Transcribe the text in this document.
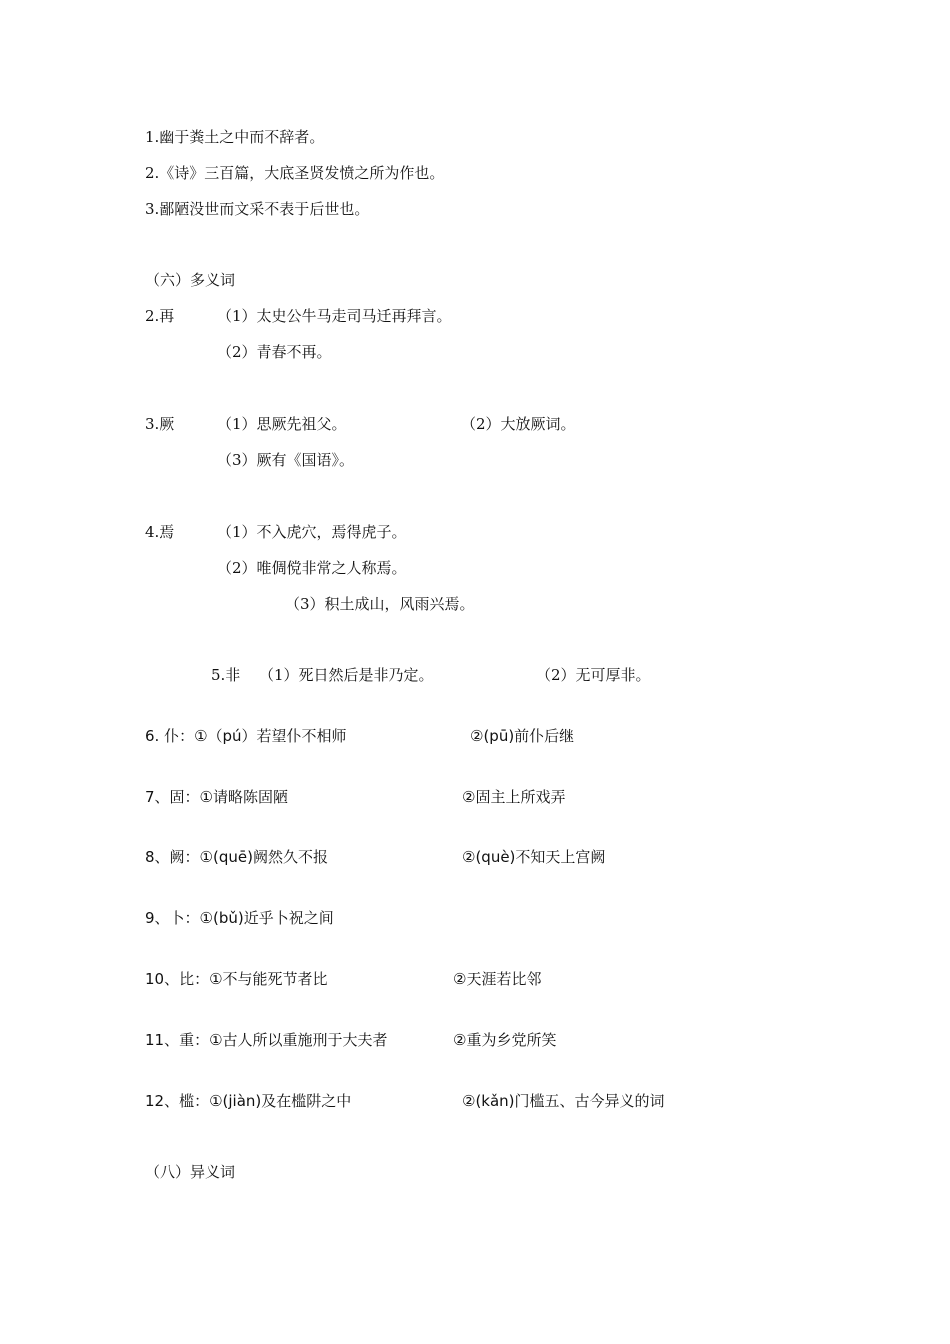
1.幽于粪土之中而不辞者。
2.《诗》三百篇，大底圣贤发愤之所为作也。
3.鄙陋没世而文采不表于后世也。
（六）多义词
2.再	（1）太史公牛马走司马迁再拜言。
（2）青春不再。
3.厥	（1）思厥先祖父。	（2）大放厥词。
（3）厥有《国语》。
4.焉	（1）不入虎穴，焉得虎子。
（2）唯倜傥非常之人称焉。
（3）积土成山，风雨兴焉。
5.非 （1）死日然后是非乃定。	（2）无可厚非。
6. 仆：①（pú）若望仆不相师	②(pū)前仆后继
7、固：①请略陈固陋	②固主上所戏弄
8、阙：①(quē)阙然久不报	②(què)不知天上宫阙
9、卜：①(bǔ)近乎卜祝之间
10、比：①不与能死节者比	②天涯若比邻
11、重：①古人所以重施刑于大夫者	②重为乡党所笑
12、槛：①(jiàn)及在槛阱之中	②(kǎn)门槛五、古今异义的词
（八）异义词
